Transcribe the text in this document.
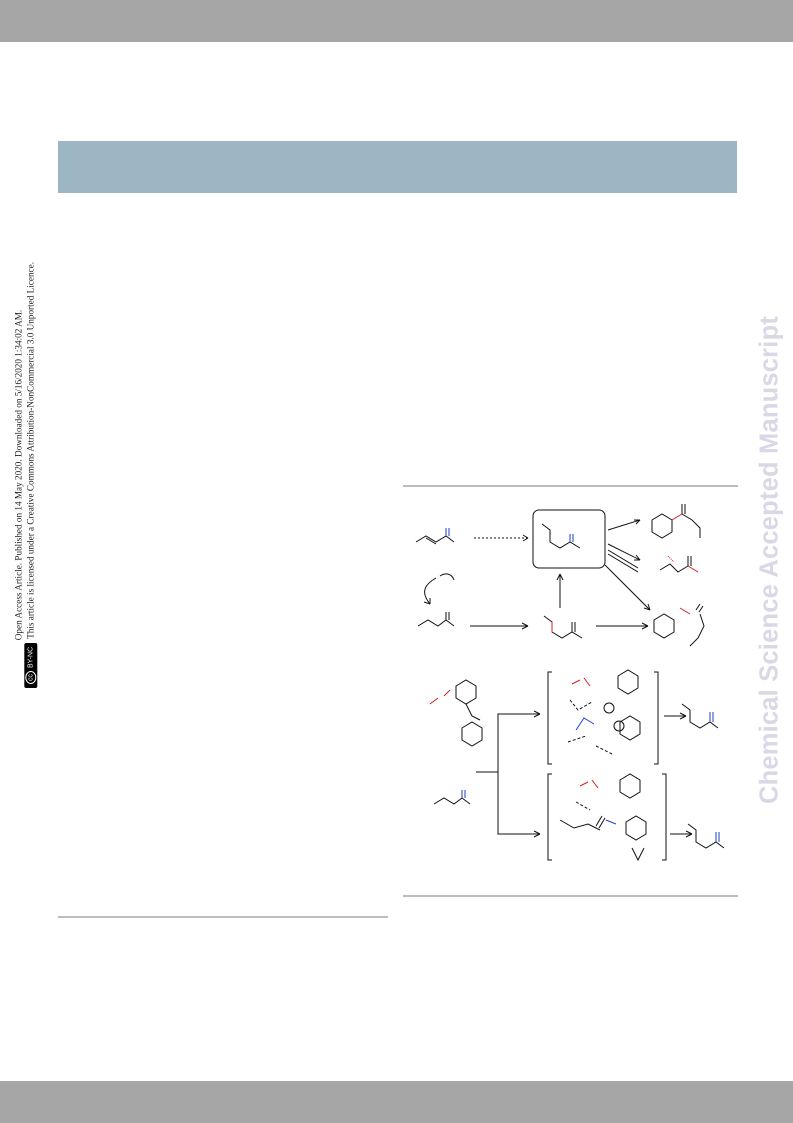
Open Access Article. Published on 14 May 2020. Downloaded on 5/16/2020 1:34:02 AM.
ccBY-NCThis article is licensed under a Creative Commons Attribution-NonCommercial 3.0 Unported Licence.	Chemical Science Accepted Manuscript
